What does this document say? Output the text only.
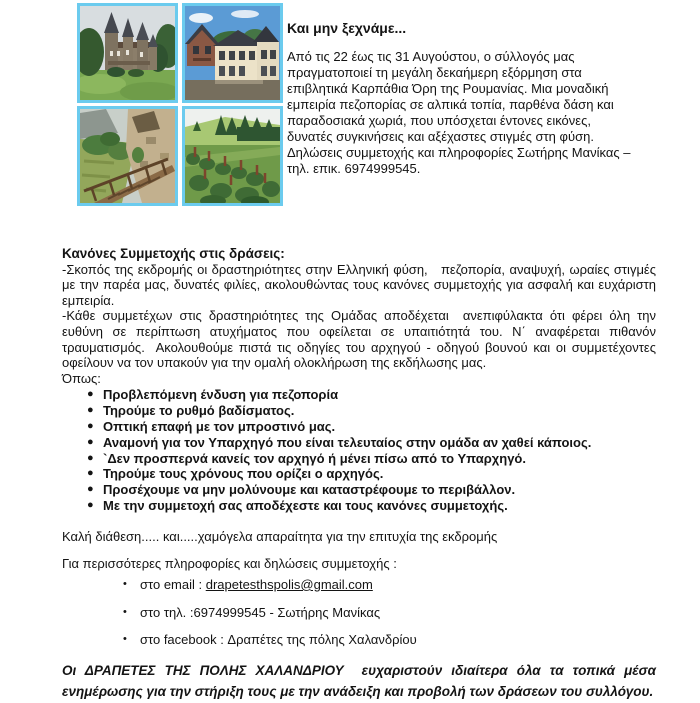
Και μην ξεχνάμε...

Από τις 22 έως τις 31 Αυγούστου, ο σύλλογός μας πραγματοποιεί τη μεγάλη δεκαήμερη εξόρμηση στα επιβλητικά Καρπάθια Όρη της Ρουμανίας. Μια μοναδική εμπειρία πεζοπορίας σε αλπικά τοπία, παρθένα δάση και παραδοσιακά χωριά, που υπόσχεται έντονες εικόνες, δυνατές συγκινήσεις και αξέχαστες στιγμές στη φύση. Δηλώσεις συμμετοχής και πληροφορίες Σωτήρης Μανίκας – τηλ. επικ. 6974999545.

Κανόνες Συμμετοχής στις δράσεις:

-Σκοπός της εκδρομής οι δραστηριότητες στην Ελληνική φύση,   πεζοπορία, αναψυχή, ωραίες στιγμές με την παρέα μας, δυνατές φιλίες, ακολουθώντας τους κανόνες συμμετοχής για ασφαλή και ευχάριστη εμπειρία.

-Κάθε συμμετέχων στις δραστηριότητες της Ομάδας αποδέχεται  ανεπιφύλακτα ότι φέρει όλη την ευθύνη σε περίπτωση ατυχήματος που οφείλεται σε υπαιτιότητά του. Ν΄ αναφέρεται πιθανόν τραυματισμός.  Ακολουθούμε πιστά τις οδηγίες του αρχηγού - οδηγού βουνού και οι συμμετέχοντες οφείλουν να τον υπακούν για την ομαλή ολοκλήρωση της εκδήλωσης μας.

Όπως:

● Προβλεπόμενη ένδυση για πεζοπορία
● Τηρούμε το ρυθμό βαδίσματος.
● Οπτική επαφή με τον μπροστινό μας.
● Αναμονή για τον Υπαρχηγό που είναι τελευταίος στην ομάδα αν χαθεί κάποιος.
● `Δεν προσπερνά κανείς τον αρχηγό ή μένει πίσω από το Υπαρχηγό.
● Τηρούμε τους χρόνους που ορίζει ο αρχηγός.
● Προσέχουμε να μην μολύνουμε και καταστρέφουμε το περιβάλλον.
● Με την συμμετοχή σας αποδέχεστε και τους κανόνες συμμετοχής.

Καλή διάθεση..... και.....χαμόγελα απαραίτητα για την επιτυχία της εκδρομής

Για περισσότερες πληροφορίες και δηλώσεις συμμετοχής :

•	στο email : drapetesthspolis@gmail.com
•	στο τηλ. :6974999545 - Σωτήρης Μανίκας
•	στο facebook : Δραπέτες της πόλης Χαλανδρίου

Οι ΔΡΑΠΕΤΕΣ ΤΗΣ ΠΟΛΗΣ ΧΑΛΑΝΔΡΙΟΥ  ευχαριστούν ιδιαίτερα όλα τα τοπικά μέσα ενημέρωσης για την στήριξη τους με την ανάδειξη και προβολή των δράσεων του συλλόγου.
